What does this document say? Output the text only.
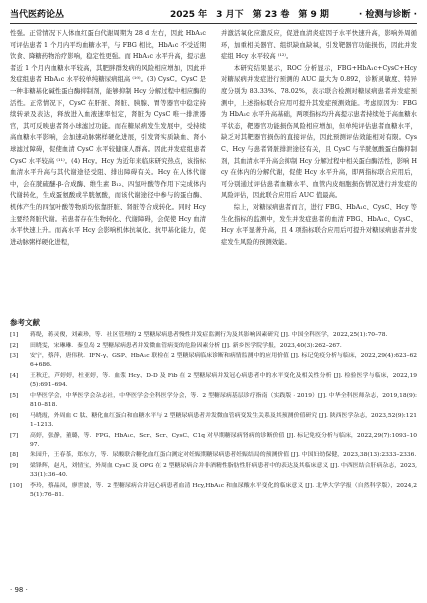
当代医药论丛	2025 年　3 月下　第 23 卷　第 9 期	· 检测与诊断 ·

性强。正常情况下人体血红蛋白代谢周期为 28 d 左右，因此 HbA₁c 可评估患者 1 个月内平均血糖水平，与 FBG 相比，HbA₁c 不受近期饮食、降糖药物治疗影响，稳定性更强。而 HbA₁c 水平升高，提示患者近 1 个月内血糖水平较高，其肥胖群发病的风险相应增加，因此并发症组患者 HbA₁c 水平较单纯糖尿病组高 ⁽¹⁰⁾。(3) CysC。CysC 是一种非糖基化碱性蛋白酶抑制剂，能够抑制 Hcy 分解过程中相应酶的活性。正常情况下，CysC 在肝脏、肾脏、胰腺、胃等器官中稳定持续转录及表达，释放进入血液速率恒定，肾脏为 CysC 唯一排泄器官，其可反映患者肾小球滤过功能。而在糖尿病发生发展中，受持续高血糖水平影响，会加速动脉粥样硬化进展，引发肾实质缺血、肾小球滤过障碍，促使血清 CysC 水平较健康人群高。因此并发症组患者 CysC 水平较高 ⁽¹¹⁾。(4) Hcy。Hcy 为近年来临床研究热点，该指标血清水平升高与其代谢途径受阻、排出障碍有关。Hcy 在人体代谢中，会在胱硫醚-β-合成酶、维生素 B₁₂、四氢叶酸等作用下完成体内代谢转化，生成蛋氨酸或半胱氨酸，而该代谢途径中参与的蛋白酶、机体产生的四氢叶酸等物质均依靠肝脏、肾脏等合成转化。同时 Hcy 主要经肾脏代谢。若患者存在生物转化、代谢障碍，会促使 Hcy 血清水平快速上升。而高水平 Hcy 会影响机体抗氧化、抗甲基化能力，促进动脉粥样硬化进程，

并激活氧化应激反应，促进血清炎症因子水平快速升高，影响外周循环，加重相关器官、组织缺血缺氧，引发靶器官功能损伤，因此并发症组 Hcy 水平较高 ⁽¹²⁾。

本研究结果显示，ROC 分析显示，FBG+HbA₁c+CysC+Hcy 对糖尿病并发症进行预测的 AUC 最大为 0.892，诊断灵敏度、特异度分别为 83.33%、78.02%，表示联合检测对糖尿病患者并发症预测中，上述指标联合应用可提升其发症预测效能。考虑原因为：FBG 为 HbA₁c 水平升高基础，两项指标均升高提示患者持续处于高血糖水平状态，靶器官功能损伤风险相应增加，但单纯评估患者血糖水平，缺乏对其靶器官损伤的直接评估，因此预测评估效能相对有限。CysC、Hcy 与患者肾脏排泄途径有关，且 CysC 与半胱氨酸蛋白酶抑制剂，其血清水平升高会抑制 Hcy 分解过程中相关蛋白酶活性，影响 Hcy 在体内的分解代谢，促使 Hcy 水平升高，即两指标联合应用后，可分别通过评估患者血糖水平、血管内皮细胞损伤情况进行并发症的风险评估，因此联合应用后 AUC 值最高。

综上，对糖尿病患者而言，进行 FBG、HbA₁c、CysC、Hcy 等生化指标的监测中，发生并发症患者的血清 FBG、HbA₁c、CysC、Hcy 水平显著升高，且 4 项指标联合应用后可提升对糖尿病患者并发症发生风险的预测效能。

参考文献
[1] 蒋缇，蒋灵俊，刘素珍，等．社区管理的 2 型糖尿病患者慢性并发症监测行为及其影响因素研究 [J]. 中国全科医学，2022,25(1):70–78.
[2] 田晓雯，宋琳琳．秦皇岛 2 型糖尿病患者并发微血管病变的危险因素分析 [J]. 新乡医学院学报，2023,40(3):262–267.
[3] 安宁，蔡萍，唐伟秋．IFN-γ、GSP、HbA₁c 联检在 2 型糖尿病临床诊断和病情监测中的应用价值 [J]. 标记免疫分析与临床，2022,29(4):623–626+686.
[4] 王秋迁，芦婷婷，杜亚婷，等．血浆 Hcy、D-D 及 Fib 在 2 型糖尿病并发冠心病患者中的水平变化及相关性分析 [J]. 检验医学与临床，2022,19(5):691–694.
[5] 中华医学会，中华医学会杂志社，中华医学会全科医学分会，等．2 型糖尿病基层诊疗指南（实践版 · 2019）[J]. 中华全科医师杂志，2019,18(9):810–818.
[6] 马晓霞，外周血 C 肽、糖化血红蛋白和血糖水平与 2 型糖尿病患者并发微血管病变发生关系及其预测价值研究 [J]. 陕西医学杂志，2023,52(9):1211–1213.
[7] 高婷，张静，董璐，等．FPG、HbA₁c、Scr、Scr、CysC、C1q 对早期糖尿病肾病的诊断价值 [J]. 标记免疫分析与临床，2022,29(7):1093–1097.
[8] 朱园升，王春茶，郑东方，等．尿酸联合糖化血红蛋白测定对妊娠期糖尿病患者妊娠结局的预测价值 [J]. 中国妇幼保健，2023,38(13):2333–2336.
[9] 梁锋辉，赵凡，刘情宝，外周血 CysC 及 OPG 在 2 型糖尿病合并非酒精性脂肪性肝病患者中的表达及其临床意义 [J]. 中西医结合肝病杂志，2023,33(1):36–40.
[10] 李玲，蔡晶凤，廖世波，等．2 型糖尿病合并冠心病患者血清 Hcy,HbA₁c 和血尿酸水平变化的临床意义 [J]. 北华大学学报（自然科学版），2024,25(1):76–81.
· 98 ·
